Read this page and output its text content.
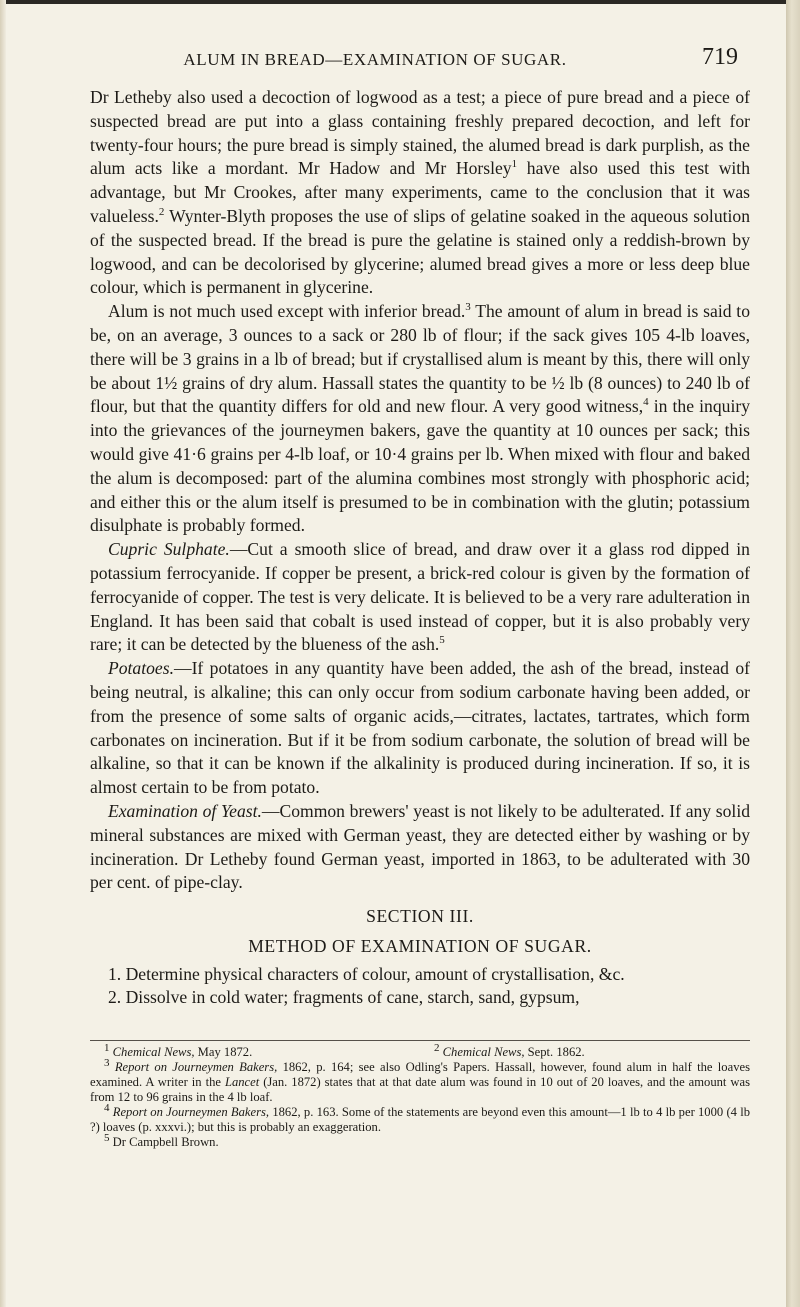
ALUM IN BREAD—EXAMINATION OF SUGAR.	719

Dr Letheby also used a decoction of logwood as a test; a piece of pure bread and a piece of suspected bread are put into a glass containing freshly prepared decoction, and left for twenty-four hours; the pure bread is simply stained, the alumed bread is dark purplish, as the alum acts like a mordant. Mr Hadow and Mr Horsley$^1$ have also used this test with advantage, but Mr Crookes, after many experiments, came to the conclusion that it was valueless.$^2$ Wynter-Blyth proposes the use of slips of gelatine soaked in the aqueous solution of the suspected bread. If the bread is pure the gelatine is stained only a reddish-brown by logwood, and can be decolorised by glycerine; alumed bread gives a more or less deep blue colour, which is permanent in glycerine.

Alum is not much used except with inferior bread.$^3$ The amount of alum in bread is said to be, on an average, 3 ounces to a sack or 280 lb of flour; if the sack gives 105 4-lb loaves, there will be 3 grains in a lb of bread; but if crystallised alum is meant by this, there will only be about 1½ grains of dry alum. Hassall states the quantity to be ½ lb (8 ounces) to 240 lb of flour, but that the quantity differs for old and new flour. A very good witness,$^4$ in the inquiry into the grievances of the journeymen bakers, gave the quantity at 10 ounces per sack; this would give 41·6 grains per 4-lb loaf, or 10·4 grains per lb. When mixed with flour and baked the alum is decomposed: part of the alumina combines most strongly with phosphoric acid; and either this or the alum itself is presumed to be in combination with the glutin; potassium disulphate is probably formed.

Cupric Sulphate.—Cut a smooth slice of bread, and draw over it a glass rod dipped in potassium ferrocyanide. If copper be present, a brick-red colour is given by the formation of ferrocyanide of copper. The test is very delicate. It is believed to be a very rare adulteration in England. It has been said that cobalt is used instead of copper, but it is also probably very rare; it can be detected by the blueness of the ash.$^5$

Potatoes.—If potatoes in any quantity have been added, the ash of the bread, instead of being neutral, is alkaline; this can only occur from sodium carbonate having been added, or from the presence of some salts of organic acids,—citrates, lactates, tartrates, which form carbonates on incineration. But if it be from sodium carbonate, the solution of bread will be alkaline, so that it can be known if the alkalinity is produced during incineration. If so, it is almost certain to be from potato.

Examination of Yeast.—Common brewers' yeast is not likely to be adulterated. If any solid mineral substances are mixed with German yeast, they are detected either by washing or by incineration. Dr Letheby found German yeast, imported in 1863, to be adulterated with 30 per cent. of pipe-clay.

SECTION III.
METHOD OF EXAMINATION OF SUGAR.
1. Determine physical characters of colour, amount of crystallisation, &c.
2. Dissolve in cold water; fragments of cane, starch, sand, gypsum,

$^1$ Chemical News, May 1872.	$^2$ Chemical News, Sept. 1862.

$^3$ Report on Journeymen Bakers, 1862, p. 164; see also Odling's Papers. Hassall, however, found alum in half the loaves examined. A writer in the Lancet (Jan. 1872) states that at that date alum was found in 10 out of 20 loaves, and the amount was from 12 to 96 grains in the 4 lb loaf.

$^4$ Report on Journeymen Bakers, 1862, p. 163. Some of the statements are beyond even this amount—1 lb to 4 lb per 1000 (4 lb ?) loaves (p. xxxvi.); but this is probably an exaggeration.

$^5$ Dr Campbell Brown.
